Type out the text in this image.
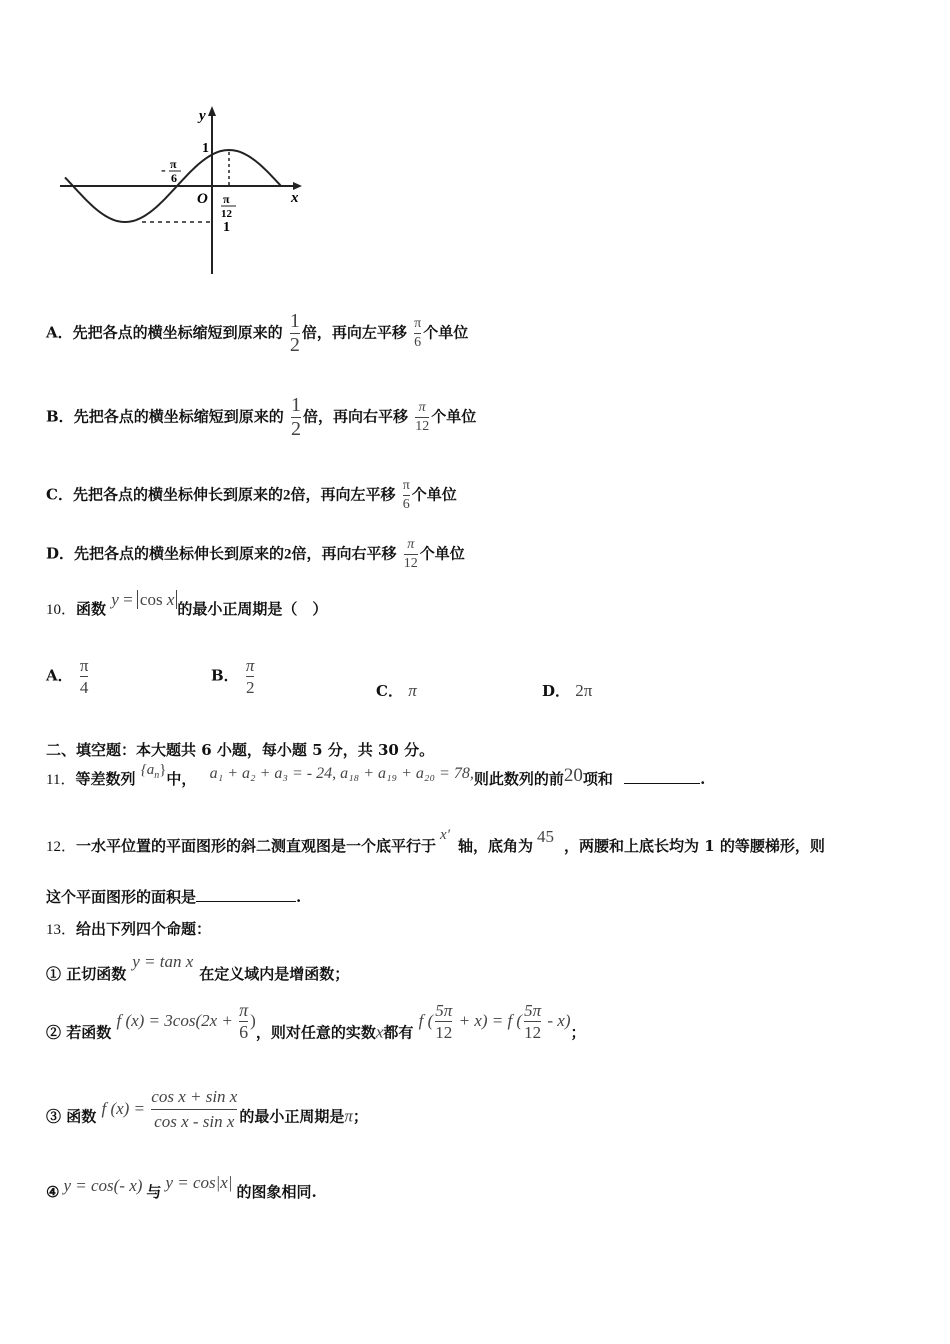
y
x
O
1
- π
6
π
12
1
A．先把各点的横坐标缩短到原来的 $\frac{1}{2}$ 倍，再向左平移 $\frac{\pi}{6}$ 个单位
B．先把各点的横坐标缩短到原来的 $\frac{1}{2}$ 倍，再向右平移 $\frac{\pi}{12}$ 个单位
C．先把各点的横坐标伸长到原来的2倍，再向左平移 $\frac{\pi}{6}$ 个单位
D．先把各点的横坐标伸长到原来的2倍，再向右平移 $\frac{\pi}{12}$ 个单位
10．函数 y = cos x 的最小正周期是（　）
A． $\frac{\pi}{4}$	B． $\frac{\pi}{2}$	C． π	D． 2π
二、填空题：本大题共 6 小题，每小题 5 分，共 30 分。
11．等差数列 $\{a_n\}$中， a₁ + a₂ + a₃ = - 24, a₁₈ + a₁₉ + a₂₀ = 78,则此数列的前20项和	.
12．一水平位置的平面图形的斜二测直观图是一个底平行于x′轴，底角为 45 ，两腰和上底长均为 1 的等腰梯形，则
这个平面图形的面积是	.
13．给出下列四个命题：
① 正切函数y = tan x在定义域内是增函数；
② 若函数 f $(x) = 3\cos(2x + \frac{\pi}{6}$ )，则对任意的实数x都有 f ( $\frac{5\pi}{12} + x) = f$ ( $\frac{5\pi}{12} - x$)；
③ 函数 f $(x) = \frac{\text{cos x + sin x}}{\text{cos x - sin x}}$ 的最小正周期是π；
④ y = cos(- x) 与 y = cos|x| 的图象相同.
